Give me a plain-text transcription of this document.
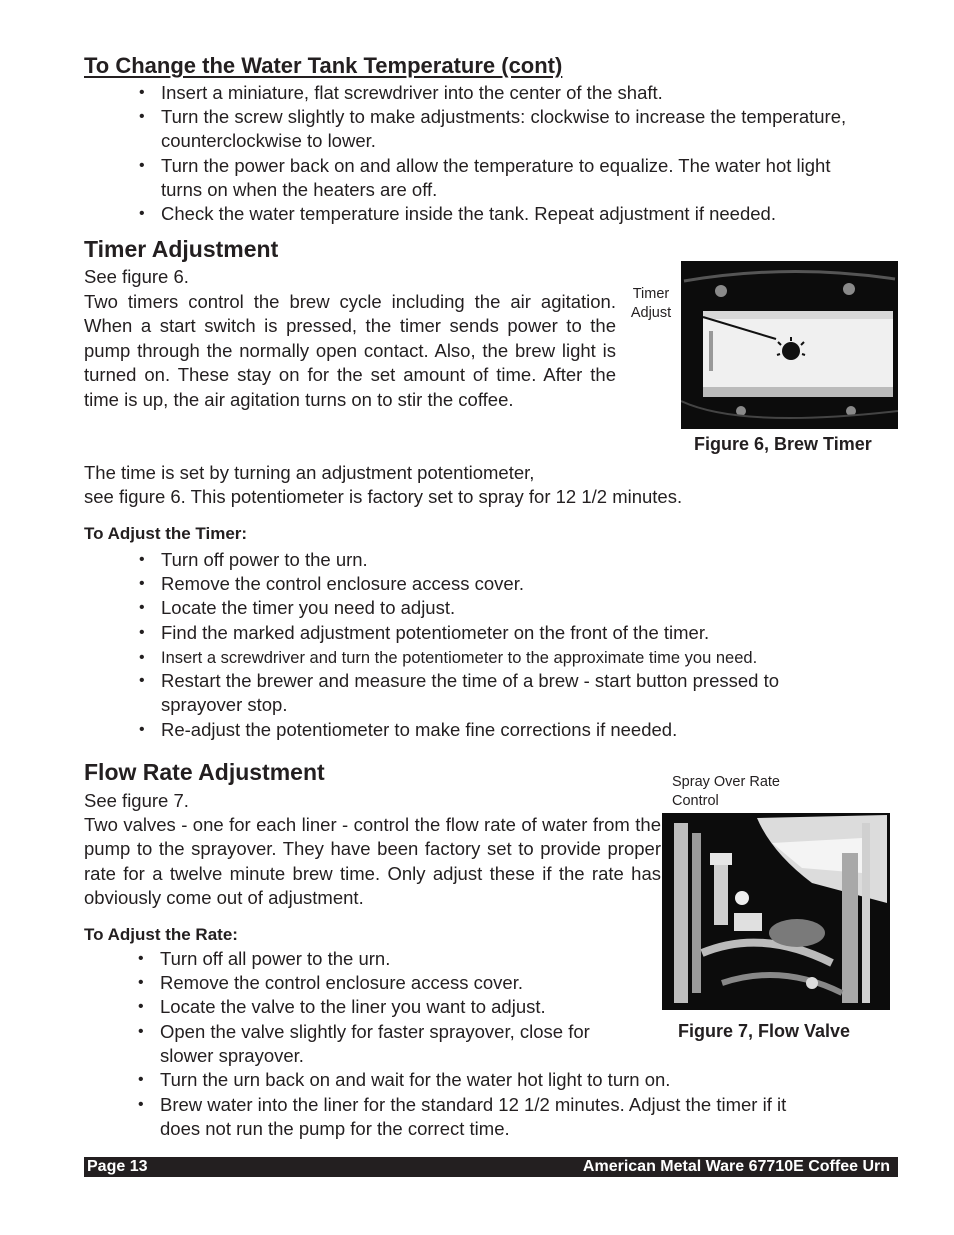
To Change the Water Tank Temperature (cont)
• Insert a miniature, flat screwdriver into the center of the shaft.
• Turn the screw slightly to make adjustments: clockwise to increase the temperature, counterclockwise to lower.
• Turn the power back on and allow the temperature to equalize. The water hot light turns on when the heaters are off.
• Check the water temperature inside the tank. Repeat adjustment if needed.
Timer Adjustment
See figure 6.
Two timers control the brew cycle including the air agitation. When a start switch is pressed, the timer sends power to the pump through the normally open contact. Also, the brew light is turned on. These stay on for the set amount of time. After the time is up, the air agitation turns on to stir the coffee.
Timer
Adjust
Figure 6, Brew Timer
The time is set by turning an adjustment potentiometer,
see figure 6. This potentiometer is factory set to spray for 12 1/2 minutes.
To Adjust the Timer:
• Turn off power to the urn.
• Remove the control enclosure access cover.
• Locate the timer you need to adjust.
• Find the marked adjustment potentiometer on the front of the timer.
• Insert a screwdriver and turn the potentiometer to the approximate time you need.
• Restart the brewer and measure the time of a brew - start button pressed to sprayover stop.
• Re-adjust the potentiometer to make fine corrections if needed.
Flow Rate Adjustment
See figure 7.
Two valves - one for each liner - control the flow rate of water from the pump to the sprayover. They have been factory set to provide proper rate for a twelve minute brew time. Only adjust these if the rate has obviously come out of adjustment.
Spray Over Rate
Control
Figure 7, Flow Valve
To Adjust the Rate:
• Turn off all power to the urn.
• Remove the control enclosure access cover.
• Locate the valve to the liner you want to adjust.
• Open the valve slightly for faster sprayover, close for slower sprayover.
• Turn the urn back on and wait for the water hot light to turn on.
• Brew water into the liner for the standard 12 1/2 minutes. Adjust the timer if it does not run the pump for the correct time.
Page 13	American Metal Ware 67710E Coffee Urn
